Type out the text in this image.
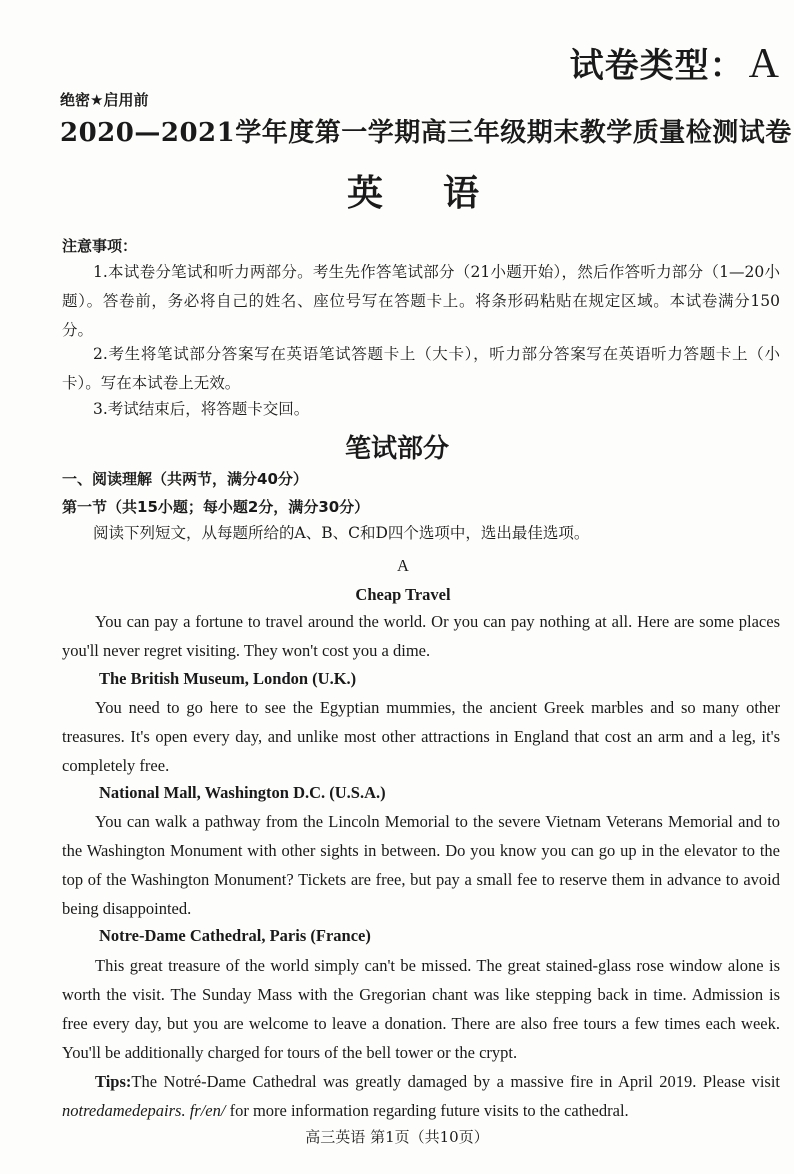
试卷类型：A
绝密★启用前
2020—2021学年度第一学期高三年级期末教学质量检测试卷
英语
注意事项：
1.本试卷分笔试和听力两部分。考生先作答笔试部分（21小题开始），然后作答听力部分（1—20小题）。答卷前，务必将自己的姓名、座位号写在答题卡上。将条形码粘贴在规定区域。本试卷满分150分。
2.考生将笔试部分答案写在英语笔试答题卡上（大卡），听力部分答案写在英语听力答题卡上（小卡）。写在本试卷上无效。
3.考试结束后，将答题卡交回。
笔试部分
一、阅读理解（共两节，满分40分）
第一节（共15小题；每小题2分，满分30分）
阅读下列短文，从每题所给的A、B、C和D四个选项中，选出最佳选项。
A
Cheap Travel
You can pay a fortune to travel around the world. Or you can pay nothing at all. Here are some places you'll never regret visiting. They won't cost you a dime.
The British Museum, London (U.K.)
You need to go here to see the Egyptian mummies, the ancient Greek marbles and so many other treasures. It's open every day, and unlike most other attractions in England that cost an arm and a leg, it's completely free.
National Mall, Washington D.C. (U.S.A.)
You can walk a pathway from the Lincoln Memorial to the severe Vietnam Veterans Memorial and to the Washington Monument with other sights in between. Do you know you can go up in the elevator to the top of the Washington Monument? Tickets are free, but pay a small fee to reserve them in advance to avoid being disappointed.
Notre-Dame Cathedral, Paris (France)
This great treasure of the world simply can't be missed. The great stained-glass rose window alone is worth the visit. The Sunday Mass with the Gregorian chant was like stepping back in time. Admission is free every day, but you are welcome to leave a donation. There are also free tours a few times each week. You'll be additionally charged for tours of the bell tower or the crypt.
Tips:The Notré-Dame Cathedral was greatly damaged by a massive fire in April 2019. Please visit notredamedepairs. fr/en/ for more information regarding future visits to the cathedral.
高三英语 第1页（共10页）
